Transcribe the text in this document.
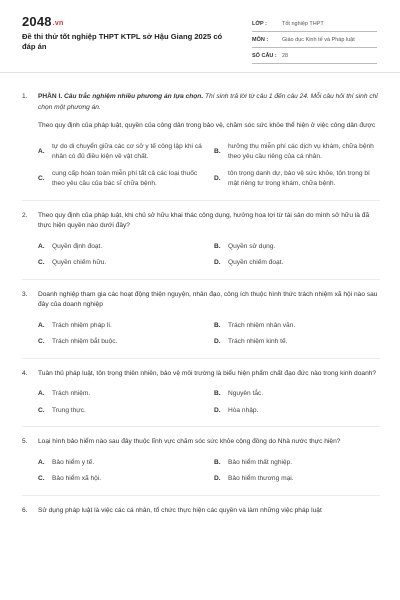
2048.vn
Đề thi thử tốt nghiệp THPT KTPL sở Hậu Giang 2025 có đáp án
LỚP :	Tốt nghiệp THPT
MÔN :	Giáo dục Kinh tế và Pháp luật
SỐ CÂU : 28
1. PHẦN I. Câu trắc nghiệm nhiều phương án lựa chọn. Thí sinh trả lời từ câu 1 đến câu 24. Mỗi câu hỏi thí sinh chỉ chọn một phương án.
Theo quy định của pháp luật, quyền của công dân trong bảo vệ, chăm sóc sức khỏe thể hiện ở việc công dân được
A.
tự do di chuyển giữa các cơ sở y tế công lập khi cá nhân có đủ điều kiện về vật chất.
B.
hưởng thụ miễn phí các dịch vụ khám, chữa bệnh theo yêu cầu riêng của cá nhân.
C.
cung cấp hoàn toàn miễn phí tất cả các loại thuốc theo yêu cầu của bác sĩ chữa bệnh.
D.
tôn trọng danh dự, bảo vệ sức khỏe, tôn trọng bí mật riêng tư trong khám, chữa bệnh.
2. Theo quy định của pháp luật, khi chủ sở hữu khai thác công dụng, hưởng hoa lợi từ tài sản do mình sở hữu là đã thực hiện quyền nào dưới đây?
A.	Quyền định đoạt.	B.	Quyền sử dụng.
C.	Quyền chiếm hữu.	D.	Quyền chiếm đoạt.
3. Doanh nghiệp tham gia các hoạt động thiện nguyện, nhân đạo, công ích thuộc hình thức trách nhiệm xã hội nào sau đây của doanh nghiệp
A.	Trách nhiệm pháp lí.	B.	Trách nhiệm nhân văn.
C.	Trách nhiệm bắt buộc.	D.	Trách nhiệm kinh tế.
4. Tuân thủ pháp luật, tôn trọng thiên nhiên, bảo vệ môi trường là biểu hiện phẩm chất đạo đức nào trong kinh doanh?
A.	Trách nhiệm.	B.	Nguyên tắc.
C.	Trung thực.	D.	Hòa nhập.
5. Loại hình bảo hiểm nào sau đây thuộc lĩnh vực chăm sóc sức khỏe cộng đồng do Nhà nước thực hiện?
A.	Bảo hiểm y tế.	B.	Bảo hiểm thất nghiệp.
C.	Bảo hiểm xã hội.	D.	Bảo hiểm thương mại.
6. Sử dụng pháp luật là việc các cá nhân, tổ chức thực hiện các quyền và làm những việc pháp luật
